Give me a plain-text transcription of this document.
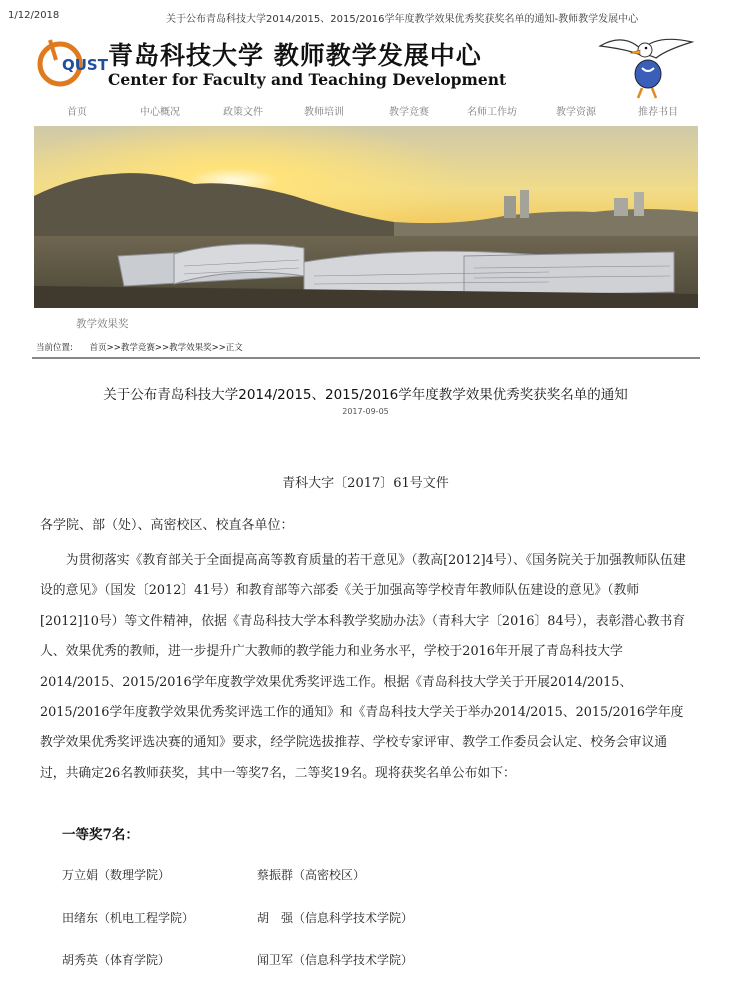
1/12/2018	关于公布青岛科技大学2014/2015、2015/2016学年度教学效果优秀奖获奖名单的通知-教师教学发展中心
QUST 青岛科技大学 教师教学发展中心
Center for Faculty and Teaching Development
首页	中心概况	政策文件	教师培训	教学竞赛	名师工作坊	教学资源	推荐书目
教学效果奖
当前位置: 首页>>教学竞赛>>教学效果奖>>正文
关于公布青岛科技大学2014/2015、2015/2016学年度教学效果优秀奖获奖名单的通知
2017-09-05
青科大字〔2017〕61号文件
各学院、部（处）、高密校区、校直各单位：

为贯彻落实《教育部关于全面提高高等教育质量的若干意见》（教高[2012]4号）、《国务院关于加强教师队伍建设的意见》（国发〔2012〕41号）和教育部等六部委《关于加强高等学校青年教师队伍建设的意见》（教师[2012]10号）等文件精神，依据《青岛科技大学本科教学奖励办法》（青科大字〔2016〕84号），表彰潜心教书育人、效果优秀的教师，进一步提升广大教师的教学能力和业务水平，学校于2016年开展了青岛科技大学2014/2015、2015/2016学年度教学效果优秀奖评选工作。根据《青岛科技大学关于开展2014/2015、2015/2016学年度教学效果优秀奖评选工作的通知》和《青岛科技大学关于举办2014/2015、2015/2016学年度教学效果优秀奖评选决赛的通知》要求，经学院选拔推荐、学校专家评审、教学工作委员会认定、校务会审议通过，共确定26名教师获奖，其中一等奖7名，二等奖19名。现将获奖名单公布如下：

一等奖7名：
万立娟（数理学院）	蔡振群（高密校区）
田绪东（机电工程学院）	胡　强（信息科学技术学院）
胡秀英（体育学院）	闻卫军（信息科学技术学院）
